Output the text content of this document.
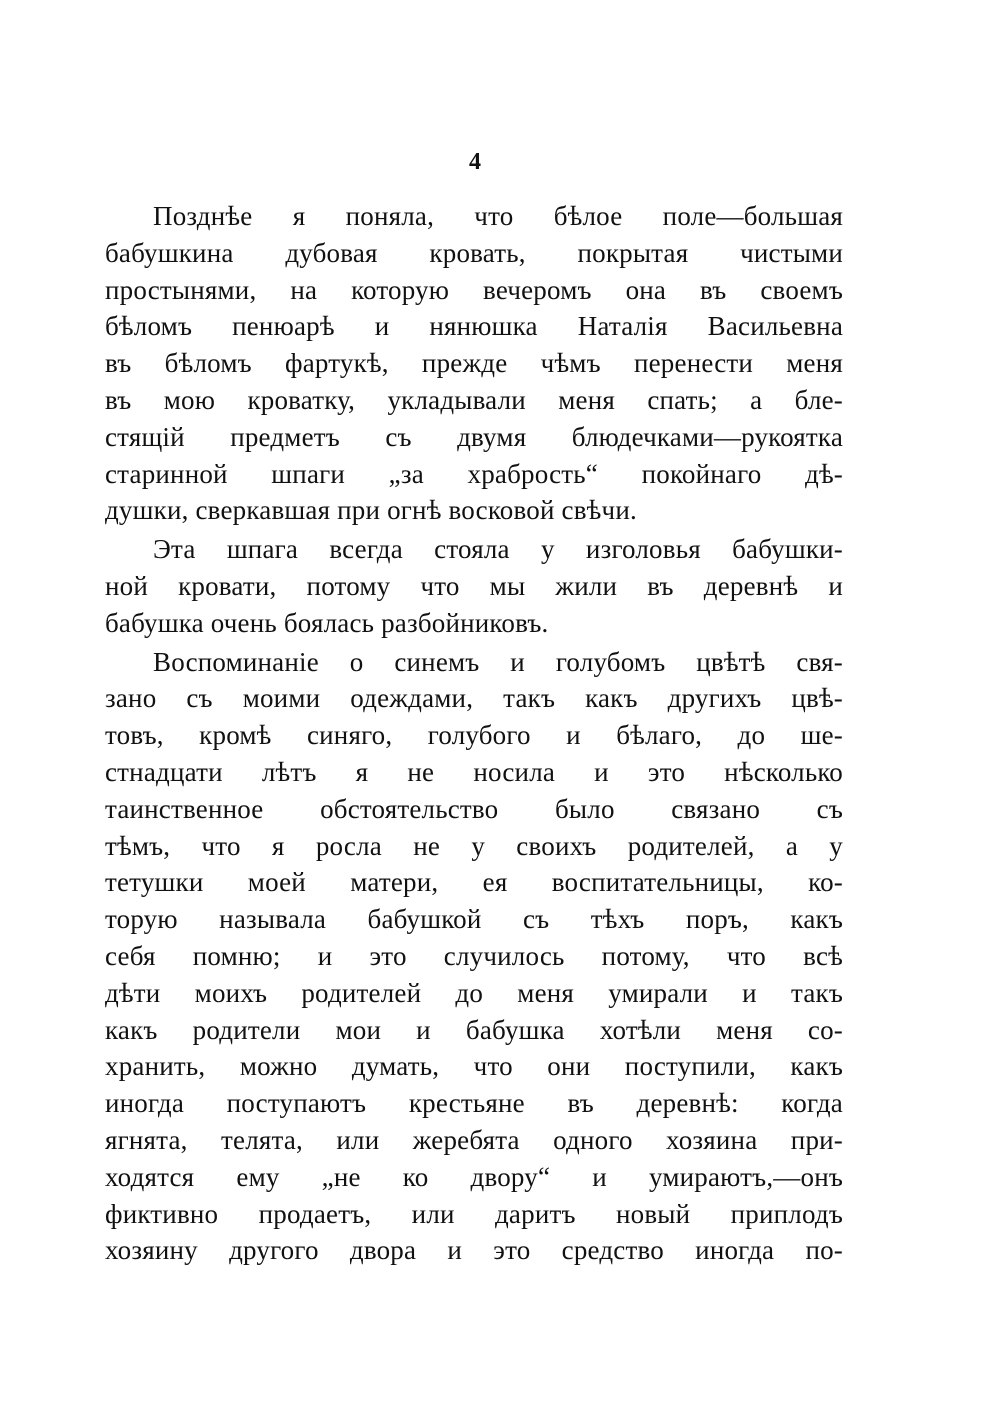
4
Позднѣе я поняла, что бѣлое поле—большая
бабушкина дубовая кровать, покрытая чистыми
простынями, на которую вечеромъ она въ своемъ
бѣломъ пенюарѣ и нянюшка Наталія Васильевна
въ бѣломъ фартукѣ, прежде чѣмъ перенести меня
въ мою кроватку, укладывали меня спать; а бле-
стящій предметъ съ двумя блюдечками—рукоятка
старинной шпаги „за храбрость“ покойнаго дѣ-
душки, сверкавшая при огнѣ восковой свѣчи.
Эта шпага всегда стояла у изголовья бабушки-
ной кровати, потому что мы жили въ деревнѣ и
бабушка очень боялась разбойниковъ.
Воспоминаніе о синемъ и голубомъ цвѣтѣ свя-
зано съ моими одеждами, такъ какъ другихъ цвѣ-
товъ, кромѣ синяго, голубого и бѣлаго, до ше-
стнадцати лѣтъ я не носила и это нѣсколько
таинственное обстоятельство было связано съ
тѣмъ, что я росла не у своихъ родителей, а у
тетушки моей матери, ея воспитательницы, ко-
торую называла бабушкой съ тѣхъ поръ, какъ
себя помню; и это случилось потому, что всѣ
дѣти моихъ родителей до меня умирали и такъ
какъ родители мои и бабушка хотѣли меня со-
хранить, можно думать, что они поступили, какъ
иногда поступаютъ крестьяне въ деревнѣ: когда
ягнята, телята, или жеребята одного хозяина при-
ходятся ему „не ко двору“ и умираютъ,—онъ
фиктивно продаетъ, или даритъ новый приплодъ
хозяину другого двора и это средство иногда по-
